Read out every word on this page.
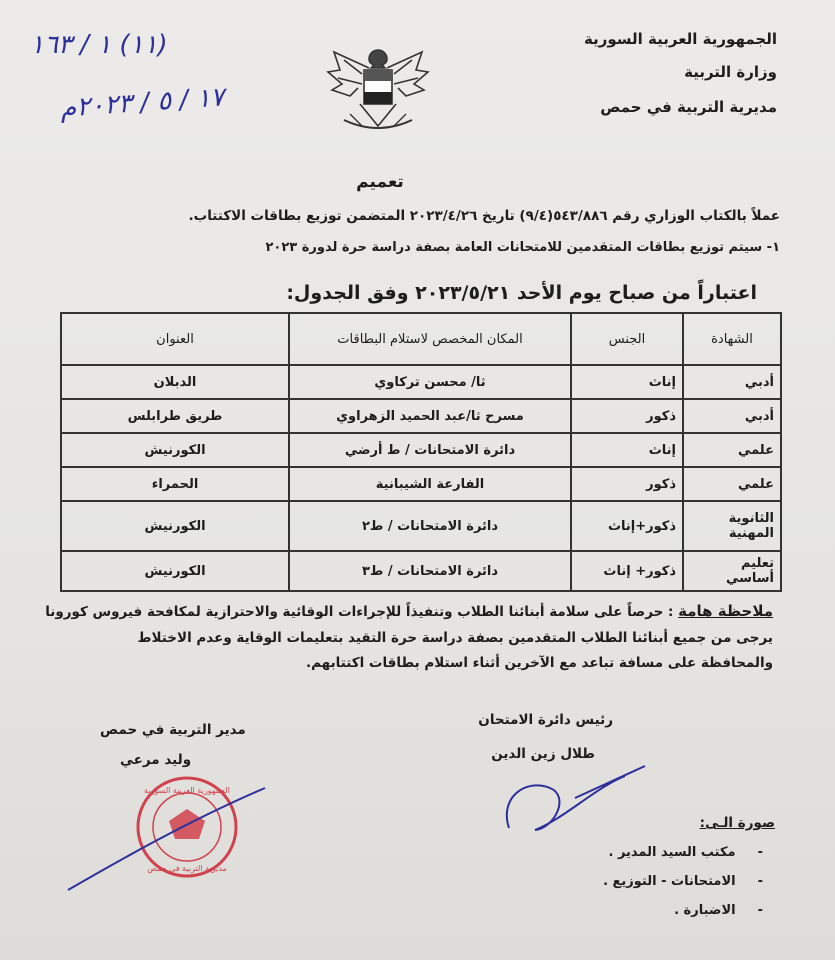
الجمهورية العربية السورية
وزارة التربية
مديرية التربية في حمص
(١١) ١ / ١٦٣
١٧ / ٥ / ٢٠٢٣م
تعميم
عملاً بالكتاب الوزاري رقم ٥٤٣/٨٨٦(٩/٤) تاريخ ٢٠٢٣/٤/٢٦ المتضمن توزيع بطاقات الاكتتاب.
١- سيتم توزيع بطاقات المتقدمين للامتحانات العامة بصفة دراسة حرة لدورة ٢٠٢٣
اعتباراً من صباح يوم الأحد ٢٠٢٣/٥/٢١ وفق الجدول:
الشهادة	الجنس	المكان المخصص لاستلام البطاقات	العنوان
أدبي	إناث	ثا/ محسن تركاوي	الدبلان
أدبي	ذكور	مسرح ثا/عبد الحميد الزهراوي	طريق طرابلس
علمي	إناث	دائرة الامتحانات / ط أرضي	الكورنيش
علمي	ذكور	الفارعة الشيبانية	الحمراء
الثانوية المهنية	ذكور+إناث	دائرة الامتحانات / ط٢	الكورنيش
تعليم أساسي	ذكور+ إناث	دائرة الامتحانات / ط٣	الكورنيش
ملاحظة هامة : حرصاً على سلامة أبنائنا الطلاب وتنفيذاً للإجراءات الوقائية والاحترازية لمكافحة فيروس كورونا
يرجى من جميع أبنائنا الطلاب المتقدمين بصفة دراسة حرة التقيد بتعليمات الوقاية وعدم الاختلاط
والمحافظة على مسافة تباعد مع الآخرين أثناء استلام بطاقات اكتتابهم.
رئيس دائرة الامتحان
طلال زين الدين
مدير التربية في حمص
وليد مرعي
الجمهورية العربية السورية
مديرية التربية في حمص
صورة الـى:
-مكتب السيد المدير .
-الامتحانات - التوزيع .
-الاضبارة .
